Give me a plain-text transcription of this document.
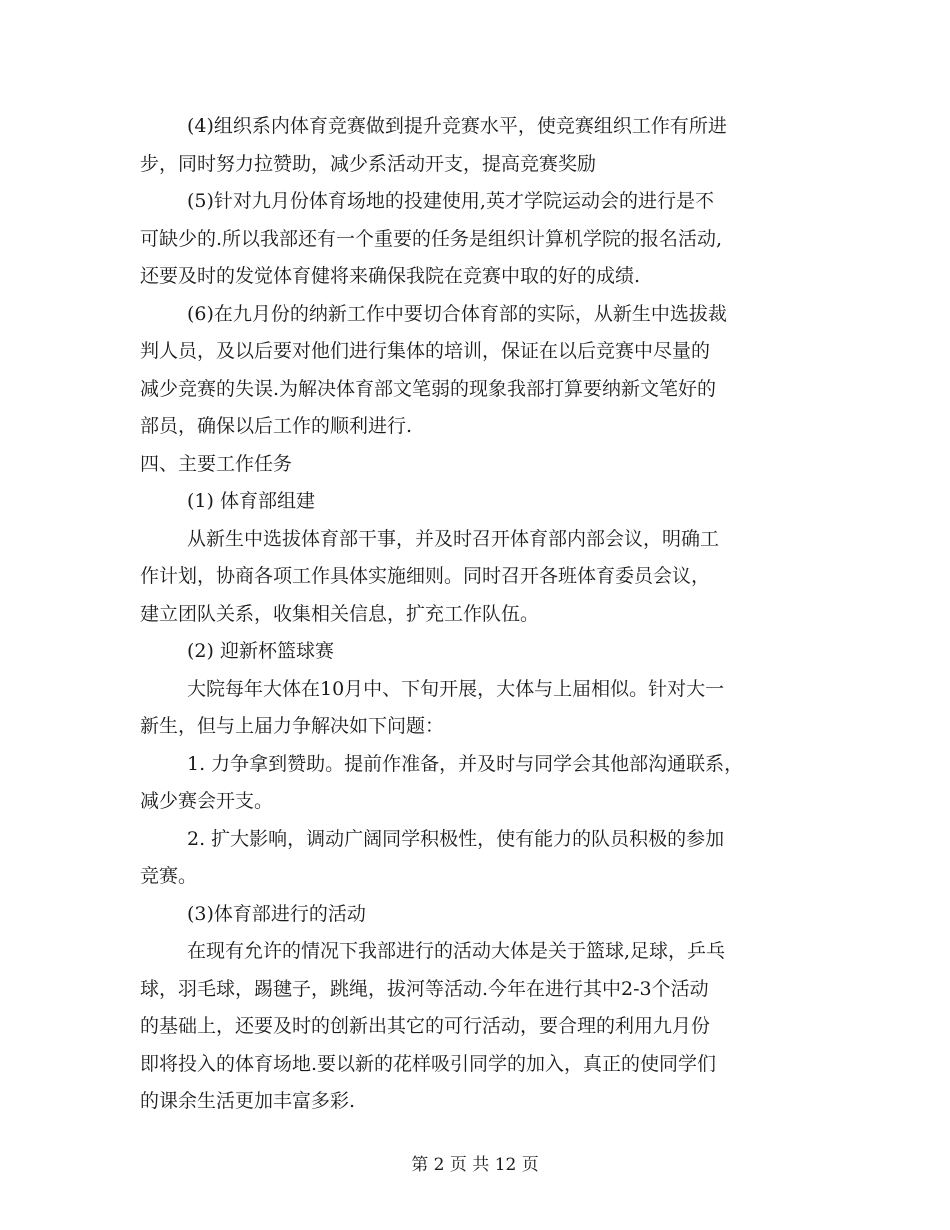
(4)组织系内体育竞赛做到提升竞赛水平，使竞赛组织工作有所进
步，同时努力拉赞助，减少系活动开支，提高竞赛奖励
(5)针对九月份体育场地的投建使用,英才学院运动会的进行是不
可缺少的.所以我部还有一个重要的任务是组织计算机学院的报名活动,
还要及时的发觉体育健将来确保我院在竞赛中取的好的成绩.
(6)在九月份的纳新工作中要切合体育部的实际，从新生中选拔裁
判人员，及以后要对他们进行集体的培训，保证在以后竞赛中尽量的
减少竞赛的失误.为解决体育部文笔弱的现象我部打算要纳新文笔好的
部员，确保以后工作的顺利进行.
四、主要工作任务
(1) 体育部组建
从新生中选拔体育部干事，并及时召开体育部内部会议，明确工
作计划，协商各项工作具体实施细则。同时召开各班体育委员会议，
建立团队关系，收集相关信息，扩充工作队伍。
(2) 迎新杯篮球赛
大院每年大体在10月中、下旬开展，大体与上届相似。针对大一
新生，但与上届力争解决如下问题：
1. 力争拿到赞助。提前作准备，并及时与同学会其他部沟通联系，
减少赛会开支。
2. 扩大影响，调动广阔同学积极性，使有能力的队员积极的参加
竞赛。
(3)体育部进行的活动
在现有允许的情况下我部进行的活动大体是关于篮球,足球，乒乓
球，羽毛球，踢毽子，跳绳，拔河等活动.今年在进行其中2-3个活动
的基础上，还要及时的创新出其它的可行活动，要合理的利用九月份
即将投入的体育场地.要以新的花样吸引同学的加入，真正的使同学们
的课余生活更加丰富多彩.
第 2 页 共 12 页
